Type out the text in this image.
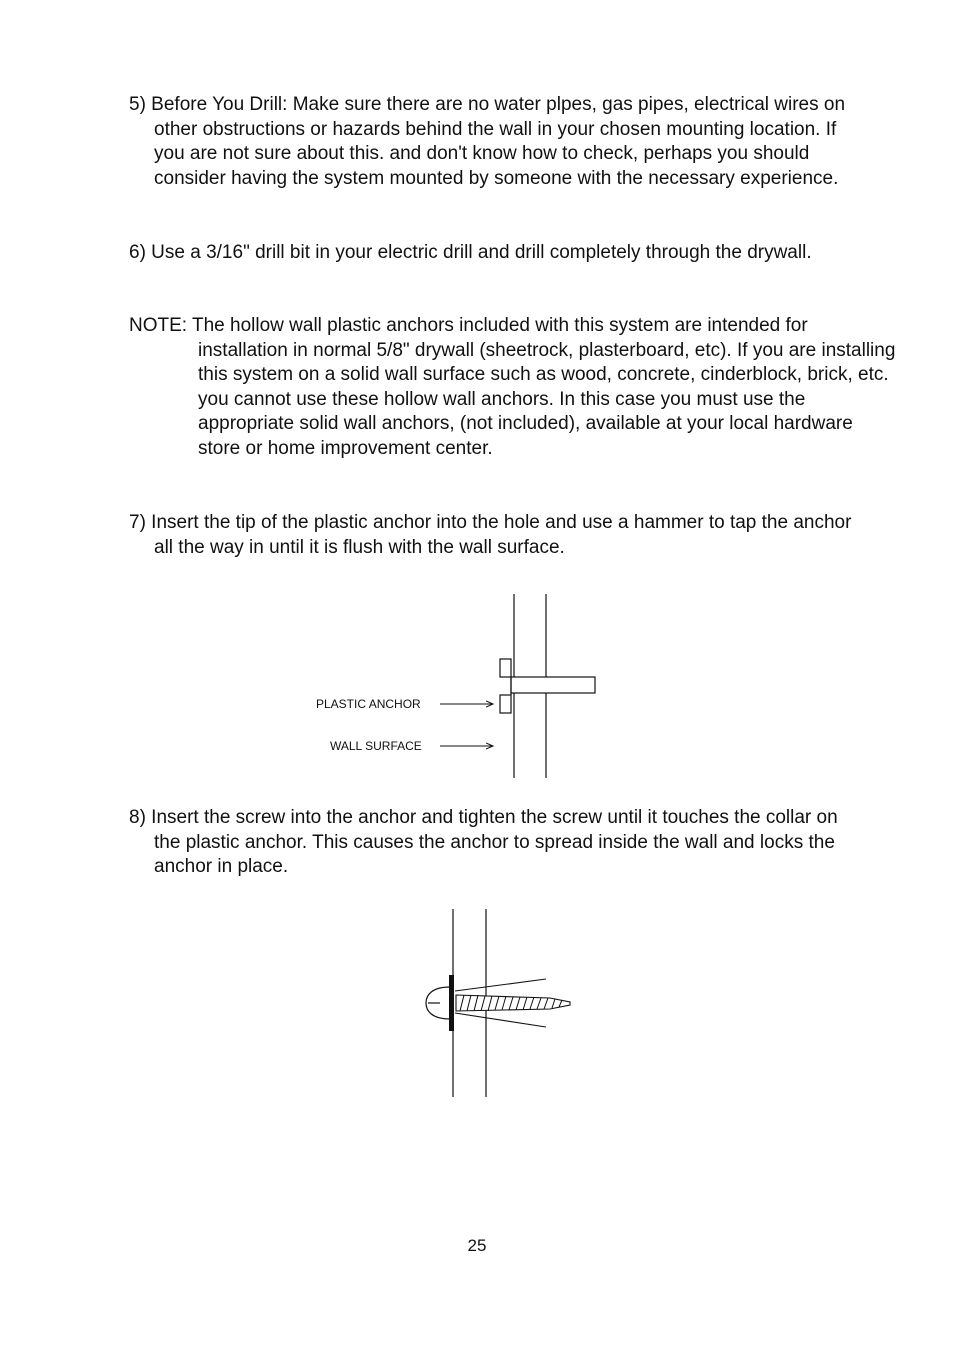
5) Before You Drill: Make sure there are no water plpes, gas pipes, electrical wires on other obstructions or hazards behind the wall in your chosen mounting location. If you are not sure about this. and don't know how to check, perhaps you should consider having the system mounted by someone with the necessary experience.

6) Use a 3/16" drill bit in your electric drill and drill completely through the drywall.

NOTE: The hollow wall plastic anchors included with this system are intended for installation in normal 5/8" drywall (sheetrock, plasterboard, etc). If you are installing this system on a solid wall surface such as wood, concrete, cinderblock, brick, etc. you cannot use these hollow wall anchors. In this case you must use the appropriate solid wall anchors, (not included), available at your local hardware store or home improvement center.

7) Insert the tip of the plastic anchor into the hole and use a hammer to tap the anchor all the way in until it is flush with the wall surface.

PLASTIC ANCHOR
WALL SURFACE

8) Insert the screw into the anchor and tighten the screw until it touches the collar on the plastic anchor. This causes the anchor to spread inside the wall and locks the anchor in place.

25
